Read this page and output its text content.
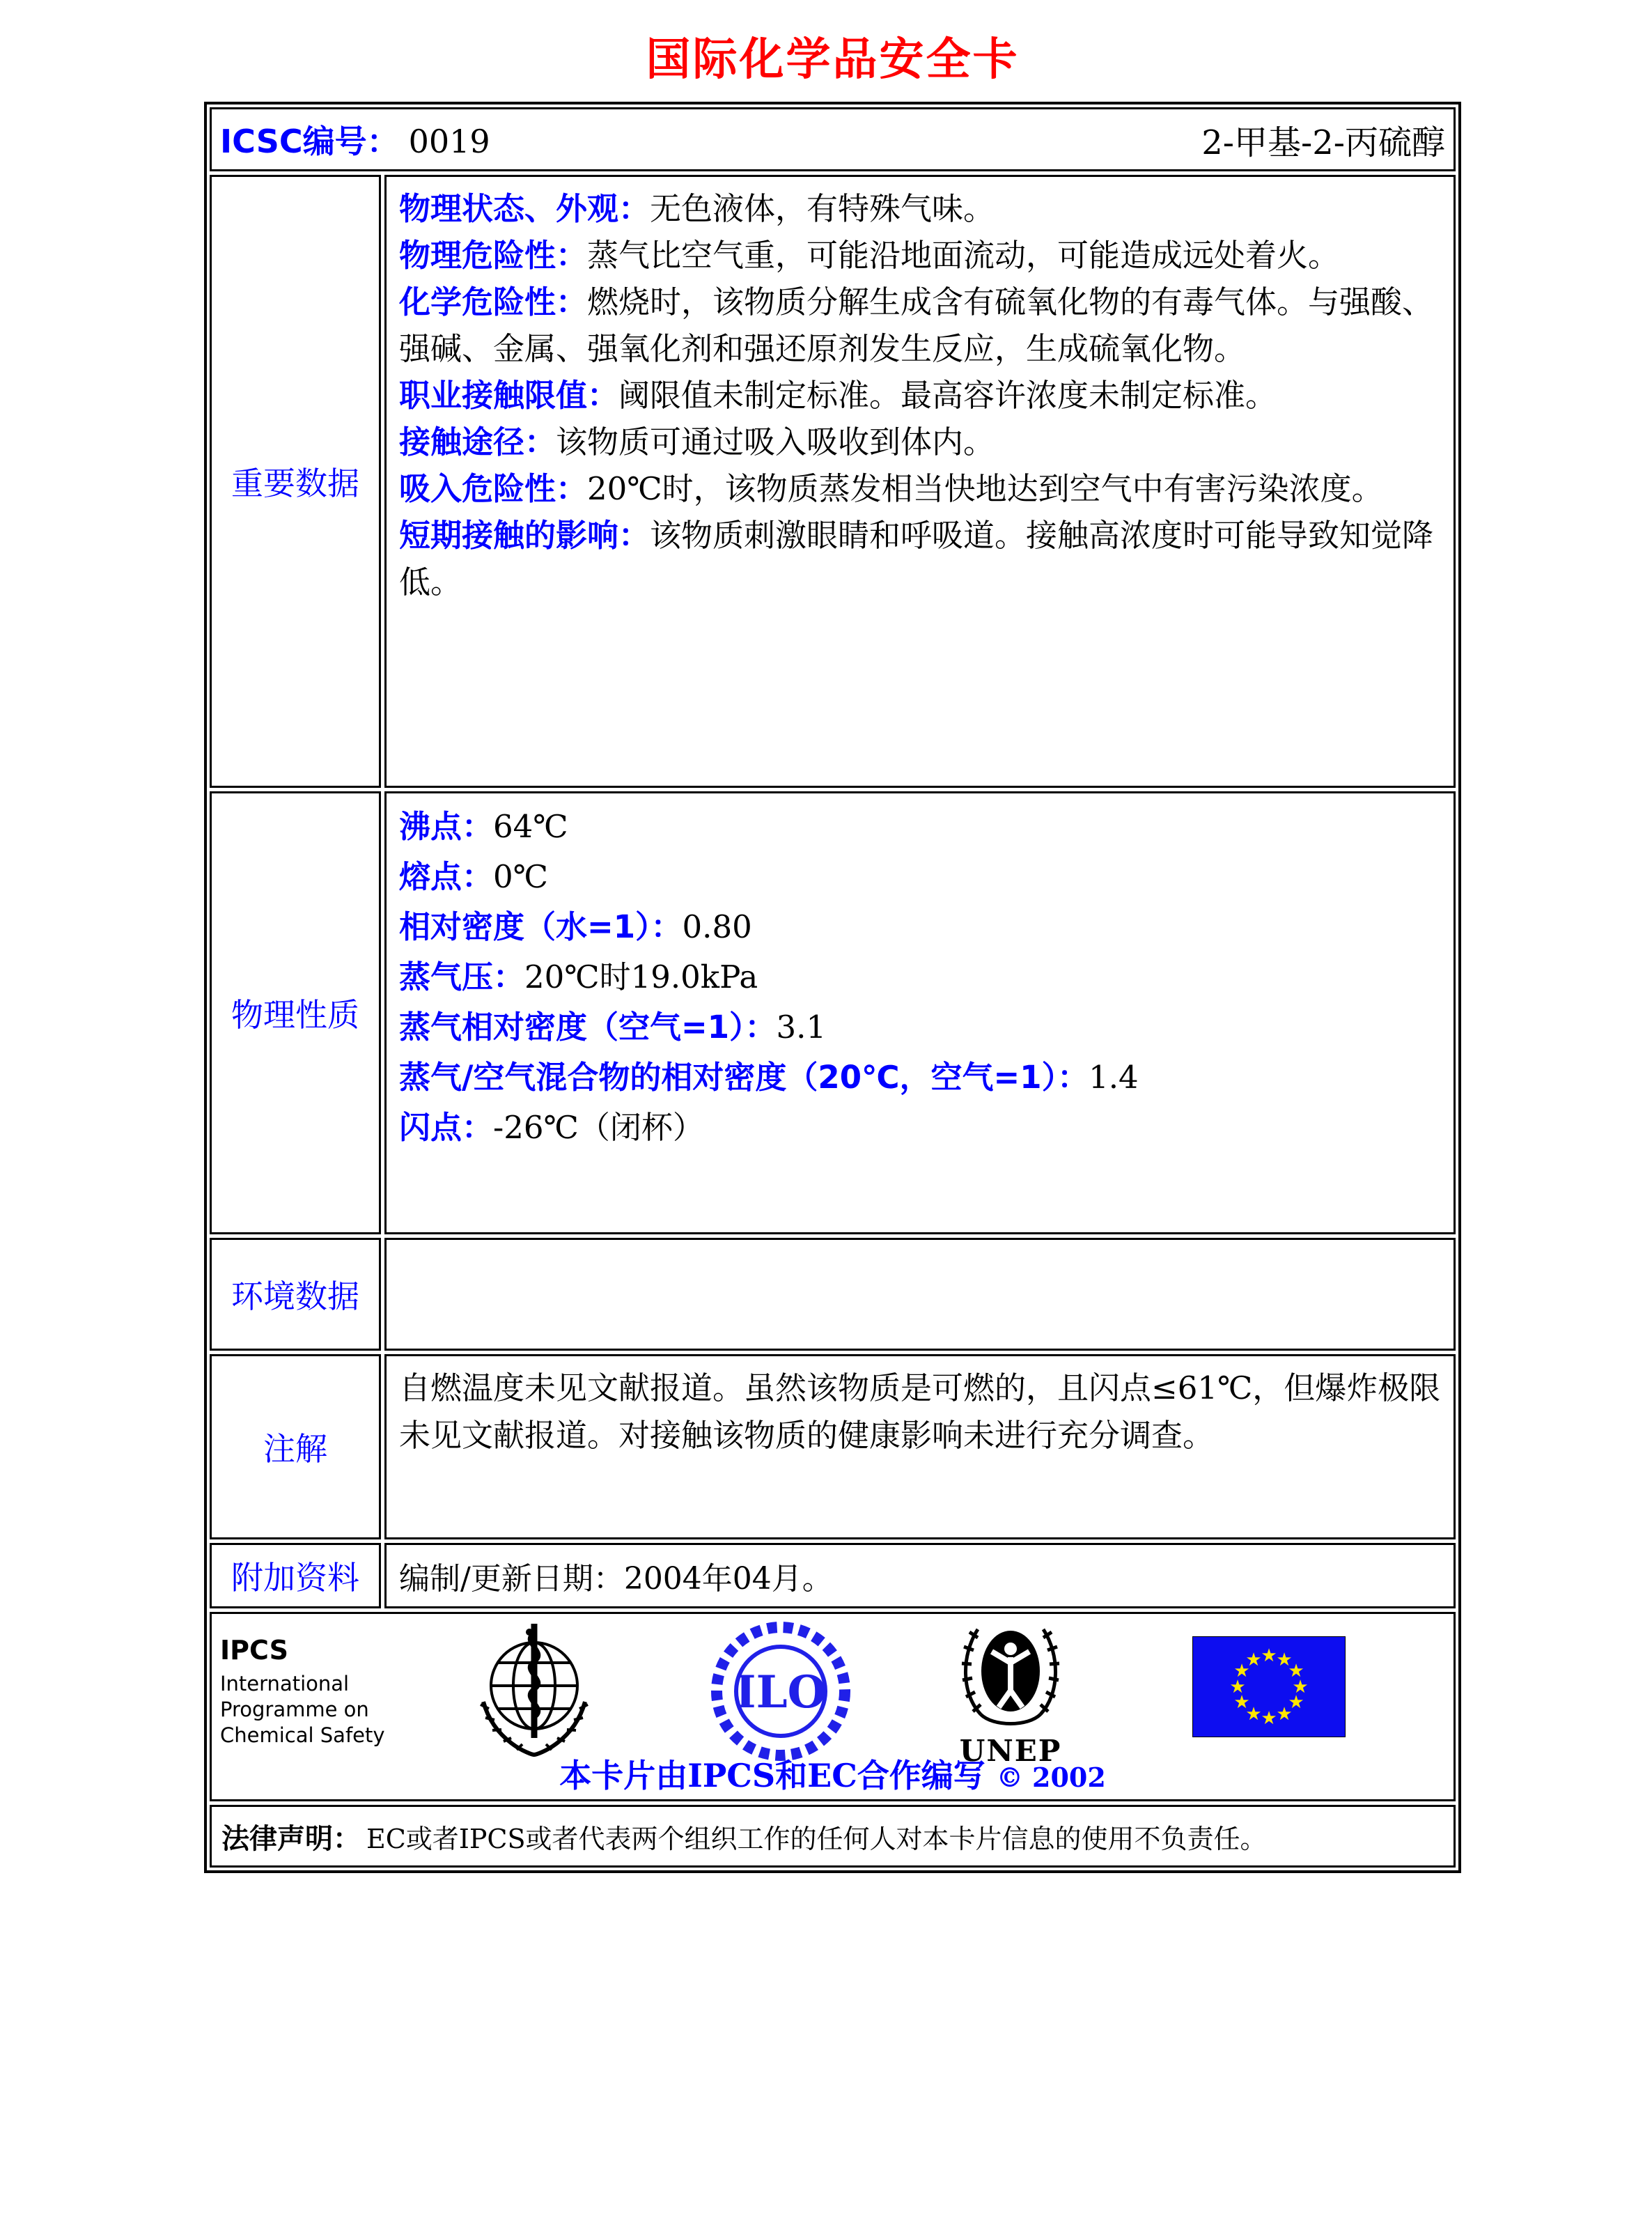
国际化学品安全卡
ICSC编号： 0019	2-甲基-2-丙硫醇
重要数据
物理状态、外观：无色液体，有特殊气味。
物理危险性：蒸气比空气重，可能沿地面流动，可能造成远处着火。
化学危险性：燃烧时，该物质分解生成含有硫氧化物的有毒气体。与强酸、强碱、金属、强氧化剂和强还原剂发生反应，生成硫氧化物。
职业接触限值：阈限值未制定标准。最高容许浓度未制定标准。
接触途径：该物质可通过吸入吸收到体内。
吸入危险性：20℃时，该物质蒸发相当快地达到空气中有害污染浓度。
短期接触的影响：该物质刺激眼睛和呼吸道。接触高浓度时可能导致知觉降低。
物理性质
沸点：64℃
熔点：0℃
相对密度（水=1）：0.80
蒸气压：20℃时19.0kPa
蒸气相对密度（空气=1）：3.1
蒸气/空气混合物的相对密度（20℃，空气=1）：1.4
闪点：-26℃（闭杯）
环境数据
注解
自燃温度未见文献报道。虽然该物质是可燃的，且闪点≤61℃，但爆炸极限未见文献报道。对接触该物质的健康影响未进行充分调查。
附加资料	编制/更新日期：2004年04月。
IPCS
International
Programme on
Chemical Safety
ILO
UNEP
★
★
★
★
★
★
★
★
★
★
★
★
本卡片由IPCS和EC合作编写 © 2002
法律声明： EC或者IPCS或者代表两个组织工作的任何人对本卡片信息的使用不负责任。
